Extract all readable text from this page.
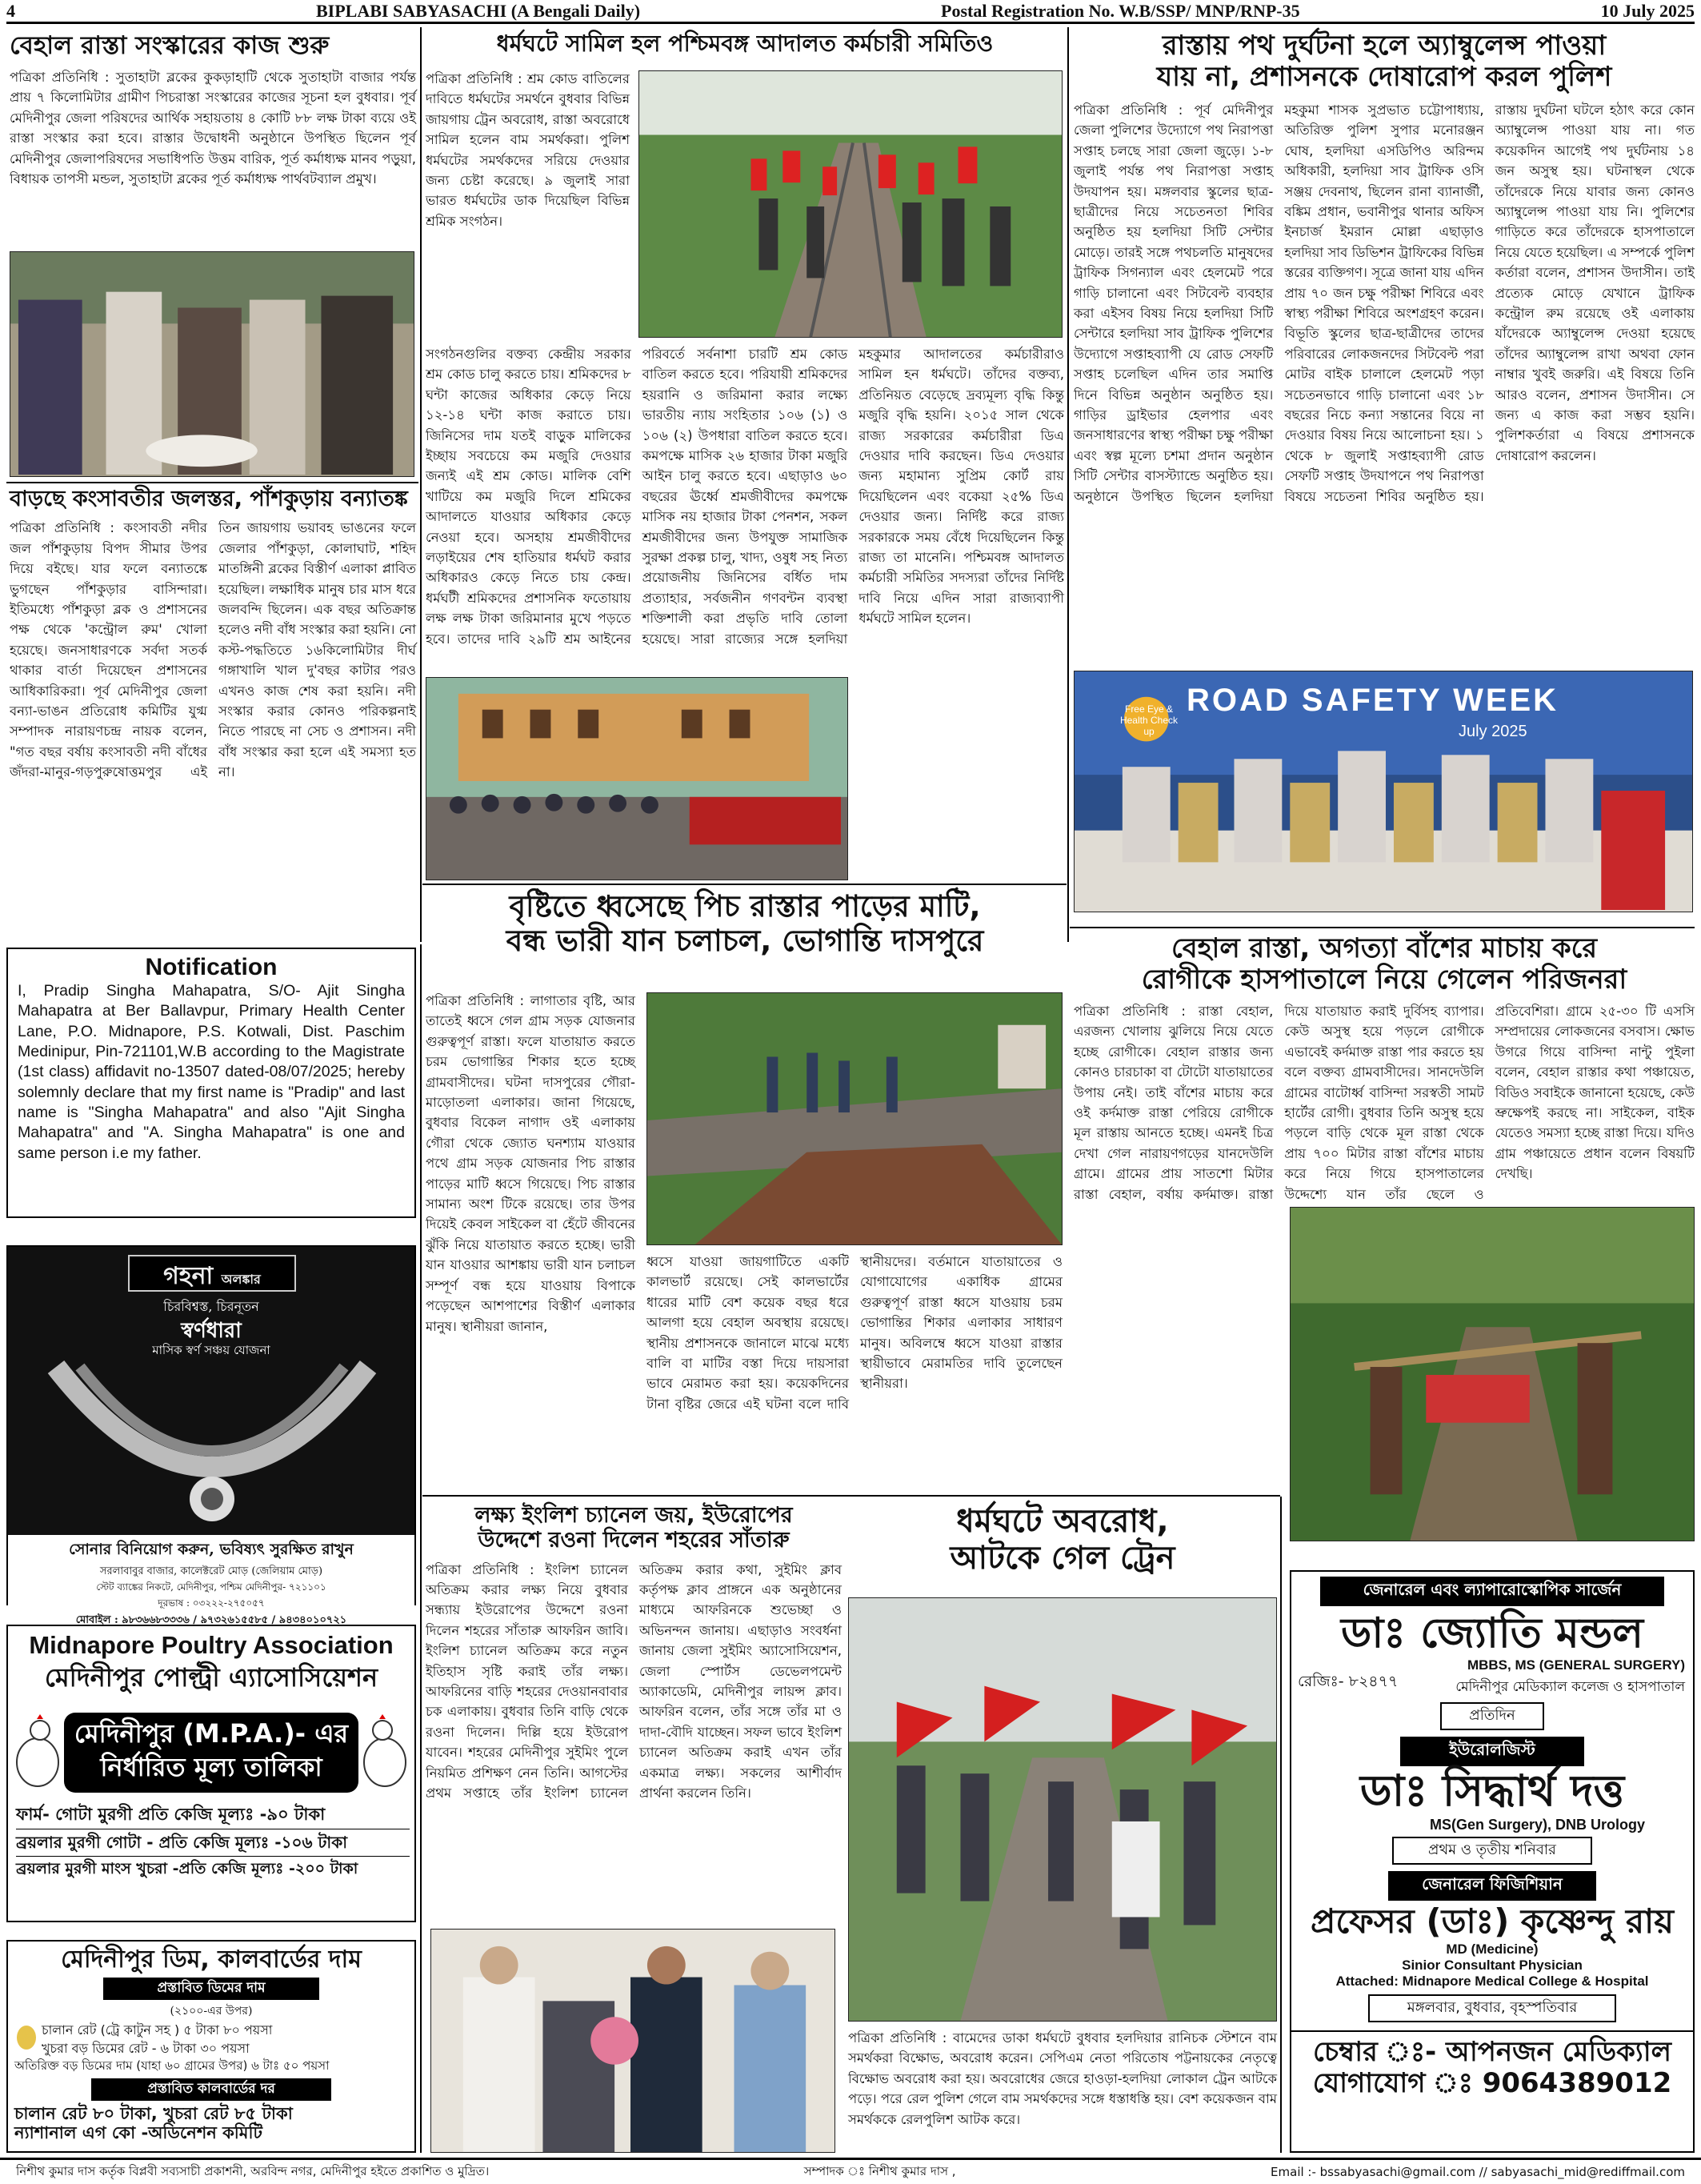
4	BIPLABI SABYASACHI (A Bengali Daily)	Postal Registration No. W.B/SSP/ MNP/RNP-35	10 July 2025
বেহাল রাস্তা সংস্কারের কাজ শুরু
পত্রিকা প্রতিনিধি : সুতাহাটা ব্লকের কুকড়াহাটি থেকে সুতাহাটা বাজার পর্যন্ত প্রায় ৭ কিলোমিটার গ্রামীণ পিচরাস্তা সংস্কারের কাজের সূচনা হল বুধবার। পূর্ব মেদিনীপুর জেলা পরিষদের আর্থিক সহায়তায় ৪ কোটি ৮৮ লক্ষ টাকা ব্যয়ে ওই রাস্তা সংস্কার করা হবে। রাস্তার উদ্বোধনী অনুষ্ঠানে উপস্থিত ছিলেন পূর্ব মেদিনীপুর জেলাপরিষদের সভাধিপতি উত্তম বারিক, পূর্ত কর্মাধ্যক্ষ মানব পড়ুয়া, বিধায়ক তাপসী মন্ডল, সুতাহাটা ব্লকের পূর্ত কর্মাধ্যক্ষ পার্থবটব্যাল প্রমুখ।
বাড়ছে কংসাবতীর জলস্তর, পাঁশকুড়ায় বন্যাতঙ্ক
পত্রিকা প্রতিনিধি : কংসাবতী নদীর জল পাঁশকুড়ায় বিপদ সীমার উপর দিয়ে বইছে। যার ফলে বন্যাতঙ্কে ভুগছেন পাঁশকুড়ার বাসিন্দারা। ইতিমধ্যে পাঁশকুড়া ব্লক ও প্রশাসনের পক্ষ থেকে 'কন্ট্রোল রুম' খোলা হয়েছে। জনসাধারণকে সর্বদা সতর্ক থাকার বার্তা দিয়েছেন প্রশাসনের আধিকারিকরা। পূর্ব মেদিনীপুর জেলা বন্যা-ভাঙন প্রতিরোধ কমিটির যুগ্ম সম্পাদক নারায়ণচন্দ্র নায়ক বলেন, "গত বছর বর্ষায় কংসাবতী নদী বাঁধের জঁদরা-মানুর-গড়পুরুষোত্তমপুর এই তিন জায়গায় ভয়াবহ ভাঙনের ফলে জেলার পাঁশকুড়া, কোলাঘাট, শহিদ মাতঙ্গিনী ব্লকের বিস্তীর্ণ এলাকা প্লাবিত হয়েছিল। লক্ষাধিক মানুষ চার মাস ধরে জলবন্দি ছিলেন। এক বছর অতিক্রান্ত হলেও নদী বাঁধ সংস্কার করা হয়নি। নো কস্ট-পদ্ধতিতে ১৬কিলোমিটার দীর্ঘ গঙ্গাখালি খাল দু'বছর কাটার পরও এখনও কাজ শেষ করা হয়নি। নদী সংস্কার করার কোনও পরিকল্পনাই নিতে পারছে না সেচ ও প্রশাসন। নদী বাঁধ সংস্কার করা হলে এই সমস্যা হত না।
Notification
I, Pradip Singha Mahapatra, S/O- Ajit Singha Mahapatra at Ber Ballavpur, Primary Health Center Lane, P.O. Midnapore, P.S. Kotwali, Dist. Paschim Medinipur, Pin-721101,W.B according to the Magistrate (1st class) affidavit no-13507 dated-08/07/2025; hereby solemnly declare that my first name is "Pradip" and last name is "Singha Mahapatra" and also "Ajit Singha Mahapatra" and "A. Singha Mahapatra" is one and same person i.e my father.
গহনা অলঙ্কার
চিরবিশ্বস্ত, চিরনূতন
স্বর্ণধারা
মাসিক স্বর্ণ সঞ্চয় যোজনা
সোনার বিনিয়োগ করুন, ভবিষ্যৎ সুরক্ষিত রাখুন
সরলাবাবুর বাজার, কালেক্টরেট মোড় (জেলিয়াম মোড়)
স্টেট ব্যাঙ্কের নিকটে, মেদিনীপুর, পশ্চিম মেদিনীপুর- ৭২১১০১
দূরভাষ : ০৩২২২-২৭৫০৫৭
মোবাইল : ৯৮৩৬৬৮৩৩৩৬ / ৯৭৩২৬১৫৫৮৫ / ৯৪৩৪০১০৭২১
Midnapore Poultry Association
মেদিনীপুর পোল্ট্রী এ্যাসোসিয়েশন
মেদিনীপুর (M.P.A.)- এর
নির্ধারিত মূল্য তালিকা
ফার্ম- গোটা মুরগী প্রতি কেজি মূল্যঃ -৯০ টাকা
ব্রয়লার মুরগী গোটা - প্রতি কেজি মূল্যঃ -১০৬ টাকা
ব্রয়লার মুরগী মাংস খুচরা -প্রতি কেজি মূল্যঃ -২০০ টাকা
মেদিনীপুর ডিম, কালবার্ডের দাম
প্রস্তাবিত ডিমের দাম
(২১০০-এর উপর)
চালান রেট (ট্রে কাটুন সহ ) ৫ টাকা ৮০ পয়সা
খুচরা বড় ডিমের রেট - ৬ টাকা ৩০ পয়সা
অতিরিক্ত বড় ডিমের দাম (যাহা ৬০ গ্রামের উপর) ৬ টাঃ ৫০ পয়সা
প্রস্তাবিত কালবার্ডের দর
চালান রেট ৮০ টাকা, খুচরা রেট ৮৫ টাকা
ন্যাশানাল এগ কো -অডিনেশন কমিটি
ধর্মঘটে সামিল হল পশ্চিমবঙ্গ আদালত কর্মচারী সমিতিও
পত্রিকা প্রতিনিধি : শ্রম কোড বাতিলের দাবিতে ধর্মঘটের সমর্থনে বুধবার বিভিন্ন জায়গায় ট্রেন অবরোধ, রাস্তা অবরোধে সামিল হলেন বাম সমর্থকরা। পুলিশ ধর্মঘটের সমর্থকদের সরিয়ে দেওয়ার জন্য চেষ্টা করেছে। ৯ জুলাই সারা ভারত ধর্মঘটের ডাক দিয়েছিল বিভিন্ন শ্রমিক সংগঠন।
সংগঠনগুলির বক্তব্য কেন্দ্রীয় সরকার শ্রম কোড চালু করতে চায়। শ্রমিকদের ৮ ঘন্টা কাজের অধিকার কেড়ে নিয়ে ১২-১৪ ঘন্টা কাজ করাতে চায়। জিনিসের দাম যতই বাড়ুক মালিকের ইচ্ছায় সবচেয়ে কম মজুরি দেওয়ার জন্যই এই শ্রম কোড। মালিক বেশি খাটিয়ে কম মজুরি দিলে শ্রমিকের আদালতে যাওয়ার অধিকার কেড়ে নেওয়া হবে। অসহায় শ্রমজীবীদের লড়াইয়ের শেষ হাতিয়ার ধর্মঘট করার অধিকারও কেড়ে নিতে চায় কেন্দ্র। ধর্মঘটী শ্রমিকদের প্রশাসনিক ফতোয়ায় লক্ষ লক্ষ টাকা জরিমানার মুখে পড়তে হবে। তাদের দাবি ২৯টি শ্রম আইনের পরিবর্তে সর্বনাশা চারটি শ্রম কোড বাতিল করতে হবে। পরিযায়ী শ্রমিকদের হয়রানি ও জরিমানা করার লক্ষ্যে ভারতীয় ন্যায় সংহিতার ১০৬ (১) ও ১০৬ (২) উপধারা বাতিল করতে হবে। কমপক্ষে মাসিক ২৬ হাজার টাকা মজুরি আইন চালু করতে হবে। এছাড়াও ৬০ বছরের ঊর্ধ্বে শ্রমজীবীদের কমপক্ষে মাসিক নয় হাজার টাকা পেনশন, সকল শ্রমজীবীদের জন্য উপযুক্ত সামাজিক সুরক্ষা প্রকল্প চালু, খাদ্য, ওষুধ সহ নিত্য প্রয়োজনীয় জিনিসের বর্ধিত দাম প্রত্যাহার, সর্বজনীন গণবন্টন ব্যবস্থা শক্তিশালী করা প্রভৃতি দাবি তোলা হয়েছে। সারা রাজ্যের সঙ্গে হলদিয়া মহকুমার আদালতের কর্মচারীরাও সামিল হন ধর্মঘটে। তাঁদের বক্তব্য, প্রতিনিয়ত বেড়েছে দ্রব্যমূল্য বৃদ্ধি কিন্তু মজুরি বৃদ্ধি হয়নি। ২০১৫ সাল থেকে রাজ্য সরকারের কর্মচারীরা ডিএ দেওয়ার দাবি করছেন। ডিএ দেওয়ার জন্য মহামান্য সুপ্রিম কোর্ট রায় দিয়েছিলেন এবং বকেয়া ২৫% ডিএ দেওয়ার জন্য। নির্দিষ্ট করে রাজ্য সরকারকে সময় বেঁধে দিয়েছিলেন কিন্তু রাজ্য তা মানেনি। পশ্চিমবঙ্গ আদালত কর্মচারী সমিতির সদস্যরা তাঁদের নির্দিষ্ট দাবি নিয়ে এদিন সারা রাজ্যব্যাপী ধর্মঘটে সামিল হলেন।
রাস্তায় পথ দুর্ঘটনা হলে অ্যাম্বুলেন্স পাওয়া
যায় না, প্রশাসনকে দোষারোপ করল পুলিশ
পত্রিকা প্রতিনিধি : পূর্ব মেদিনীপুর জেলা পুলিশের উদ্যোগে পথ নিরাপত্তা সপ্তাহ চলছে সারা জেলা জুড়ে। ১-৮ জুলাই পর্যন্ত পথ নিরাপত্তা সপ্তাহ উদযাপন হয়। মঙ্গলবার স্কুলের ছাত্র-ছাত্রীদের নিয়ে সচেতনতা শিবির অনুষ্ঠিত হয় হলদিয়া সিটি সেন্টার মোড়ে। তারই সঙ্গে পথচলতি মানুষদের ট্রাফিক সিগন্যাল এবং হেলমেট পরে গাড়ি চালানো এবং সিটবেল্ট ব্যবহার করা এইসব বিষয় নিয়ে হলদিয়া সিটি সেন্টারে হলদিয়া সাব ট্রাফিক পুলিশের উদ্যোগে সপ্তাহব্যাপী যে রোড সেফটি সপ্তাহ চলেছিল এদিন তার সমাপ্তি দিনে বিভিন্ন অনুষ্ঠান অনুষ্ঠিত হয়। গাড়ির ড্রাইভার হেলপার এবং জনসাধারণের স্বাস্থ্য পরীক্ষা চক্ষু পরীক্ষা এবং স্বল্প মূল্যে চশমা প্রদান অনুষ্ঠান সিটি সেন্টার বাসস্ট্যান্ডে অনুষ্ঠিত হয়। অনুষ্ঠানে উপস্থিত ছিলেন হলদিয়া মহকুমা শাসক সুপ্রভাত চট্টোপাধ্যায়, অতিরিক্ত পুলিশ সুপার মনোরঞ্জন ঘোষ, হলদিয়া এসডিপিও অরিন্দম অধিকারী, হলদিয়া সাব ট্রাফিক ওসি সঞ্জয় দেবনাথ, ছিলেন রানা ব্যানার্জী, বঙ্কিম প্রধান, ভবানীপুর থানার অফিস ইনচার্জ ইমরান মোল্লা এছাড়াও হলদিয়া সাব ডিভিশন ট্রাফিকের বিভিন্ন স্তরের ব্যক্তিগণ। সূত্রে জানা যায় এদিন প্রায় ৭০ জন চক্ষু পরীক্ষা শিবিরে এবং স্বাস্থ্য পরীক্ষা শিবিরে অংশগ্রহণ করেন। বিভূতি স্কুলের ছাত্র-ছাত্রীদের তাদের পরিবারের লোকজনদের সিটবেল্ট পরা মোটর বাইক চালালে হেলমেট পড়া সচেতনভাবে গাড়ি চালানো এবং ১৮ বছরের নিচে কন্যা সন্তানের বিয়ে না দেওয়ার বিষয় নিয়ে আলোচনা হয়। ১ থেকে ৮ জুলাই সপ্তাহব্যাপী রোড সেফটি সপ্তাহ উদযাপনে পথ নিরাপত্তা বিষয়ে সচেতনা শিবির অনুষ্ঠিত হয়। রাস্তায় দুর্ঘটনা ঘটলে হঠাৎ করে কোন অ্যাম্বুলেন্স পাওয়া যায় না। গত কয়েকদিন আগেই পথ দুর্ঘটনায় ১৪ জন অসুস্থ হয়। ঘটনাস্থল থেকে তাঁদেরকে নিয়ে যাবার জন্য কোনও অ্যাম্বুলেন্স পাওয়া যায় নি। পুলিশের গাড়িতে করে তাঁদেরকে হাসপাতালে নিয়ে যেতে হয়েছিল। এ সম্পর্কে পুলিশ কর্তারা বলেন, প্রশাসন উদাসীন। তাই প্রত্যেক মোড়ে যেখানে ট্রাফিক কন্ট্রোল রুম রয়েছে ওই এলাকায় যাঁদেরকে অ্যাম্বুলেন্স দেওয়া হয়েছে তাঁদের অ্যাম্বুলেন্স রাখা অথবা ফোন নাম্বার খুবই জরুরি। এই বিষয়ে তিনি আরও বলেন, প্রশাসন উদাসীন। সে জন্য এ কাজ করা সম্ভব হয়নি। পুলিশকর্তারা এ বিষয়ে প্রশাসনকে দোষারোপ করলেন।
ROAD SAFETY WEEK
Free Eye & Health Check up	July 2025
বৃষ্টিতে ধ্বসেছে পিচ রাস্তার পাড়ের মাটি,
বন্ধ ভারী যান চলাচল, ভোগান্তি দাসপুরে
পত্রিকা প্রতিনিধি : লাগাতার বৃষ্টি, আর তাতেই ধ্বসে গেল গ্রাম সড়ক যোজনার গুরুত্বপূর্ণ রাস্তা। ফলে যাতায়াত করতে চরম ভোগান্তির শিকার হতে হচ্ছে গ্রামবাসীদের। ঘটনা দাসপুরের গৌরা-মাড়োতলা এলাকার। জানা গিয়েছে, বুধবার বিকেল নাগাদ ওই এলাকায় গৌরা থেকে জ্যোত ঘনশ্যাম যাওয়ার পথে গ্রাম সড়ক যোজনার পিচ রাস্তার পাড়ের মাটি ধ্বসে গিয়েছে। পিচ রাস্তার সামান্য অংশ টিকে রয়েছে। তার উপর দিয়েই কেবল সাইকেল বা হেঁটে জীবনের ঝুঁকি নিয়ে যাতায়াত করতে হচ্ছে। ভারী যান যাওয়ার আশঙ্কায় ভারী যান চলাচল সম্পূর্ণ বন্ধ হয়ে যাওয়ায় বিপাকে পড়েছেন আশপাশের বিস্তীর্ণ এলাকার মানুষ। স্থানীয়রা জানান,
ধ্বসে যাওয়া জায়গাটিতে একটি কালভার্ট রয়েছে। সেই কালভার্টের ধারের মাটি বেশ কয়েক বছর ধরে আলগা হয়ে বেহাল অবস্থায় রয়েছে। স্থানীয় প্রশাসনকে জানালে মাঝে মধ্যে বালি বা মাটির বস্তা দিয়ে দায়সারা ভাবে মেরামত করা হয়। কয়েকদিনের টানা বৃষ্টির জেরে এই ঘটনা বলে দাবি স্থানীয়দের। বর্তমানে যাতায়াতের ও যোগাযোগের একাধিক গ্রামের গুরুত্বপূর্ণ রাস্তা ধ্বসে যাওয়ায় চরম ভোগান্তির শিকার এলাকার সাধারণ মানুষ। অবিলম্বে ধ্বসে যাওয়া রাস্তার স্থায়ীভাবে মেরামতির দাবি তুলেছেন স্থানীয়রা।
বেহাল রাস্তা, অগত্যা বাঁশের মাচায় করে
রোগীকে হাসপাতালে নিয়ে গেলেন পরিজনরা
পত্রিকা প্রতিনিধি : রাস্তা বেহাল, এরজন্য খোলায় ঝুলিয়ে নিয়ে যেতে হচ্ছে রোগীকে। বেহাল রাস্তার জন্য কোনও চারচাকা বা টোটো যাতায়াতের উপায় নেই। তাই বাঁশের মাচায় করে ওই কর্দমাক্ত রাস্তা পেরিয়ে রোগীকে মূল রাস্তায় আনতে হচ্ছে। এমনই চিত্র দেখা গেল নারায়ণগড়ের যানদেউলি গ্রামে। গ্রামের প্রায় সাতশো মিটার রাস্তা বেহাল, বর্ষায় কর্দমাক্ত। রাস্তা দিয়ে যাতায়াত করাই দুর্বিসহ ব্যাপার। কেউ অসুস্থ হয়ে পড়লে রোগীকে এভাবেই কর্দমাক্ত রাস্তা পার করতে হয় বলে বক্তব্য গ্রামবাসীদের। সানদেউলি গ্রামের বাটোর্ধ্ব বাসিন্দা সরস্বতী সামট হার্টের রোগী। বুধবার তিনি অসুস্থ হয়ে পড়লে বাড়ি থেকে মূল রাস্তা থেকে প্রায় ৭০০ মিটার রাস্তা বাঁশের মাচায় করে নিয়ে গিয়ে হাসপাতালের উদ্দেশ্যে যান তাঁর ছেলে ও প্রতিবেশিরা। গ্রামে ২৫-৩০ টি এসসি সম্প্রদায়ের লোকজনের বসবাস। ক্ষোভ উগরে গিয়ে বাসিন্দা নান্টু পুইলা বলেন, বেহাল রাস্তার কথা পঞ্চায়েত, বিডিও সবাইকে জানানো হয়েছে, কেউ ভ্রুক্ষেপই করছে না। সাইকেল, বাইক যেতেও সমস্যা হচ্ছে রাস্তা দিয়ে। যদিও গ্রাম পঞ্চায়েতে প্রধান বলেন বিষয়টি দেখছি।
লক্ষ্য ইংলিশ চ্যানেল জয়, ইউরোপের
উদ্দেশে রওনা দিলেন শহরের সাঁতারু
পত্রিকা প্রতিনিধি : ইংলিশ চ্যানেল অতিক্রম করার লক্ষ্য নিয়ে বুধবার সন্ধ্যায় ইউরোপের উদ্দেশে রওনা দিলেন শহরের সাঁতারু আফরিন জাবি। ইংলিশ চ্যানেল অতিক্রম করে নতুন ইতিহাস সৃষ্টি করাই তাঁর লক্ষ্য। আফরিনের বাড়ি শহরের দেওয়ানবাবার চক এলাকায়। বুধবার তিনি বাড়ি থেকে রওনা দিলেন। দিল্লি হয়ে ইউরোপ যাবেন। শহরের মেদিনীপুর সুইমিং পুলে নিয়মিত প্রশিক্ষণ নেন তিনি। আগস্টের প্রথম সপ্তাহে তাঁর ইংলিশ চ্যানেল অতিক্রম করার কথা, সুইমিং ক্লাব কর্তৃপক্ষ ক্লাব প্রাঙ্গনে এক অনুষ্ঠানের মাধ্যমে আফরিনকে শুভেচ্ছা ও অভিনন্দন জানায়। এছাড়াও সংবর্ধনা জানায় জেলা সুইমিং অ্যাসোসিয়েশন, জেলা স্পোর্টস ডেভেলপমেন্ট অ্যাকাডেমি, মেদিনীপুর লায়ন্স ক্লাব। আফরিন বলেন, তাঁর সঙ্গে তাঁর মা ও দাদা-বৌদি যাচ্ছেন। সফল ভাবে ইংলিশ চ্যানেল অতিক্রম করাই এখন তাঁর একমাত্র লক্ষ্য। সকলের আশীর্বাদ প্রার্থনা করলেন তিনি।
ধর্মঘটে অবরোধ,
আটকে গেল ট্রেন
পত্রিকা প্রতিনিধি : বামেদের ডাকা ধর্মঘটে বুধবার হলদিয়ার রানিচক স্টেশনে বাম সমর্থকরা বিক্ষোভ, অবরোধ করেন। সেপিএম নেতা পরিতোষ পট্টনায়কের নেতৃত্বে বিক্ষোভ অবরোধ করা হয়। অবরোধের জেরে হাওড়া-হলদিয়া লোকাল ট্রেন আটকে পড়ে। পরে রেল পুলিশ গেলে বাম সমর্থকদের সঙ্গে ধস্তাধস্তি হয়। বেশ কয়েকজন বাম সমর্থককে রেলপুলিশ আটক করে।
জেনারেল এবং ল্যাপারোস্কোপিক সার্জেন
ডাঃ জ্যোতি মন্ডল
রেজিঃ- ৮২৪৭৭
MBBS, MS (GENERAL SURGERY)
মেদিনীপুর মেডিক্যাল কলেজ ও হাসপাতাল
প্রতিদিন
ইউরোলজিস্ট
ডাঃ সিদ্ধার্থ দত্ত
MS(Gen Surgery), DNB Urology
প্রথম ও তৃতীয় শনিবার
জেনারেল ফিজিশিয়ান
প্রফেসর (ডাঃ) কৃষ্ণেন্দু রায়
MD (Medicine)
Sinior Consultant Physician
Attached: Midnapore Medical College & Hospital
মঙ্গলবার, বুধবার, বৃহস্পতিবার
চেম্বার ঃ- আপনজন মেডিক্যাল
যোগাযোগ ঃ 9064389012
নিশীথ কুমার দাস কর্তৃক বিপ্লবী সব্যসাচী প্রকাশনী, অরবিন্দ নগর, মেদিনীপুর হইতে প্রকাশিত ও মুদ্রিত।	সম্পাদক ঃ নিশীথ কুমার দাস ,	Email :- bssabyasachi@gmail.com // sabyasachi_mid@rediffmail.com
